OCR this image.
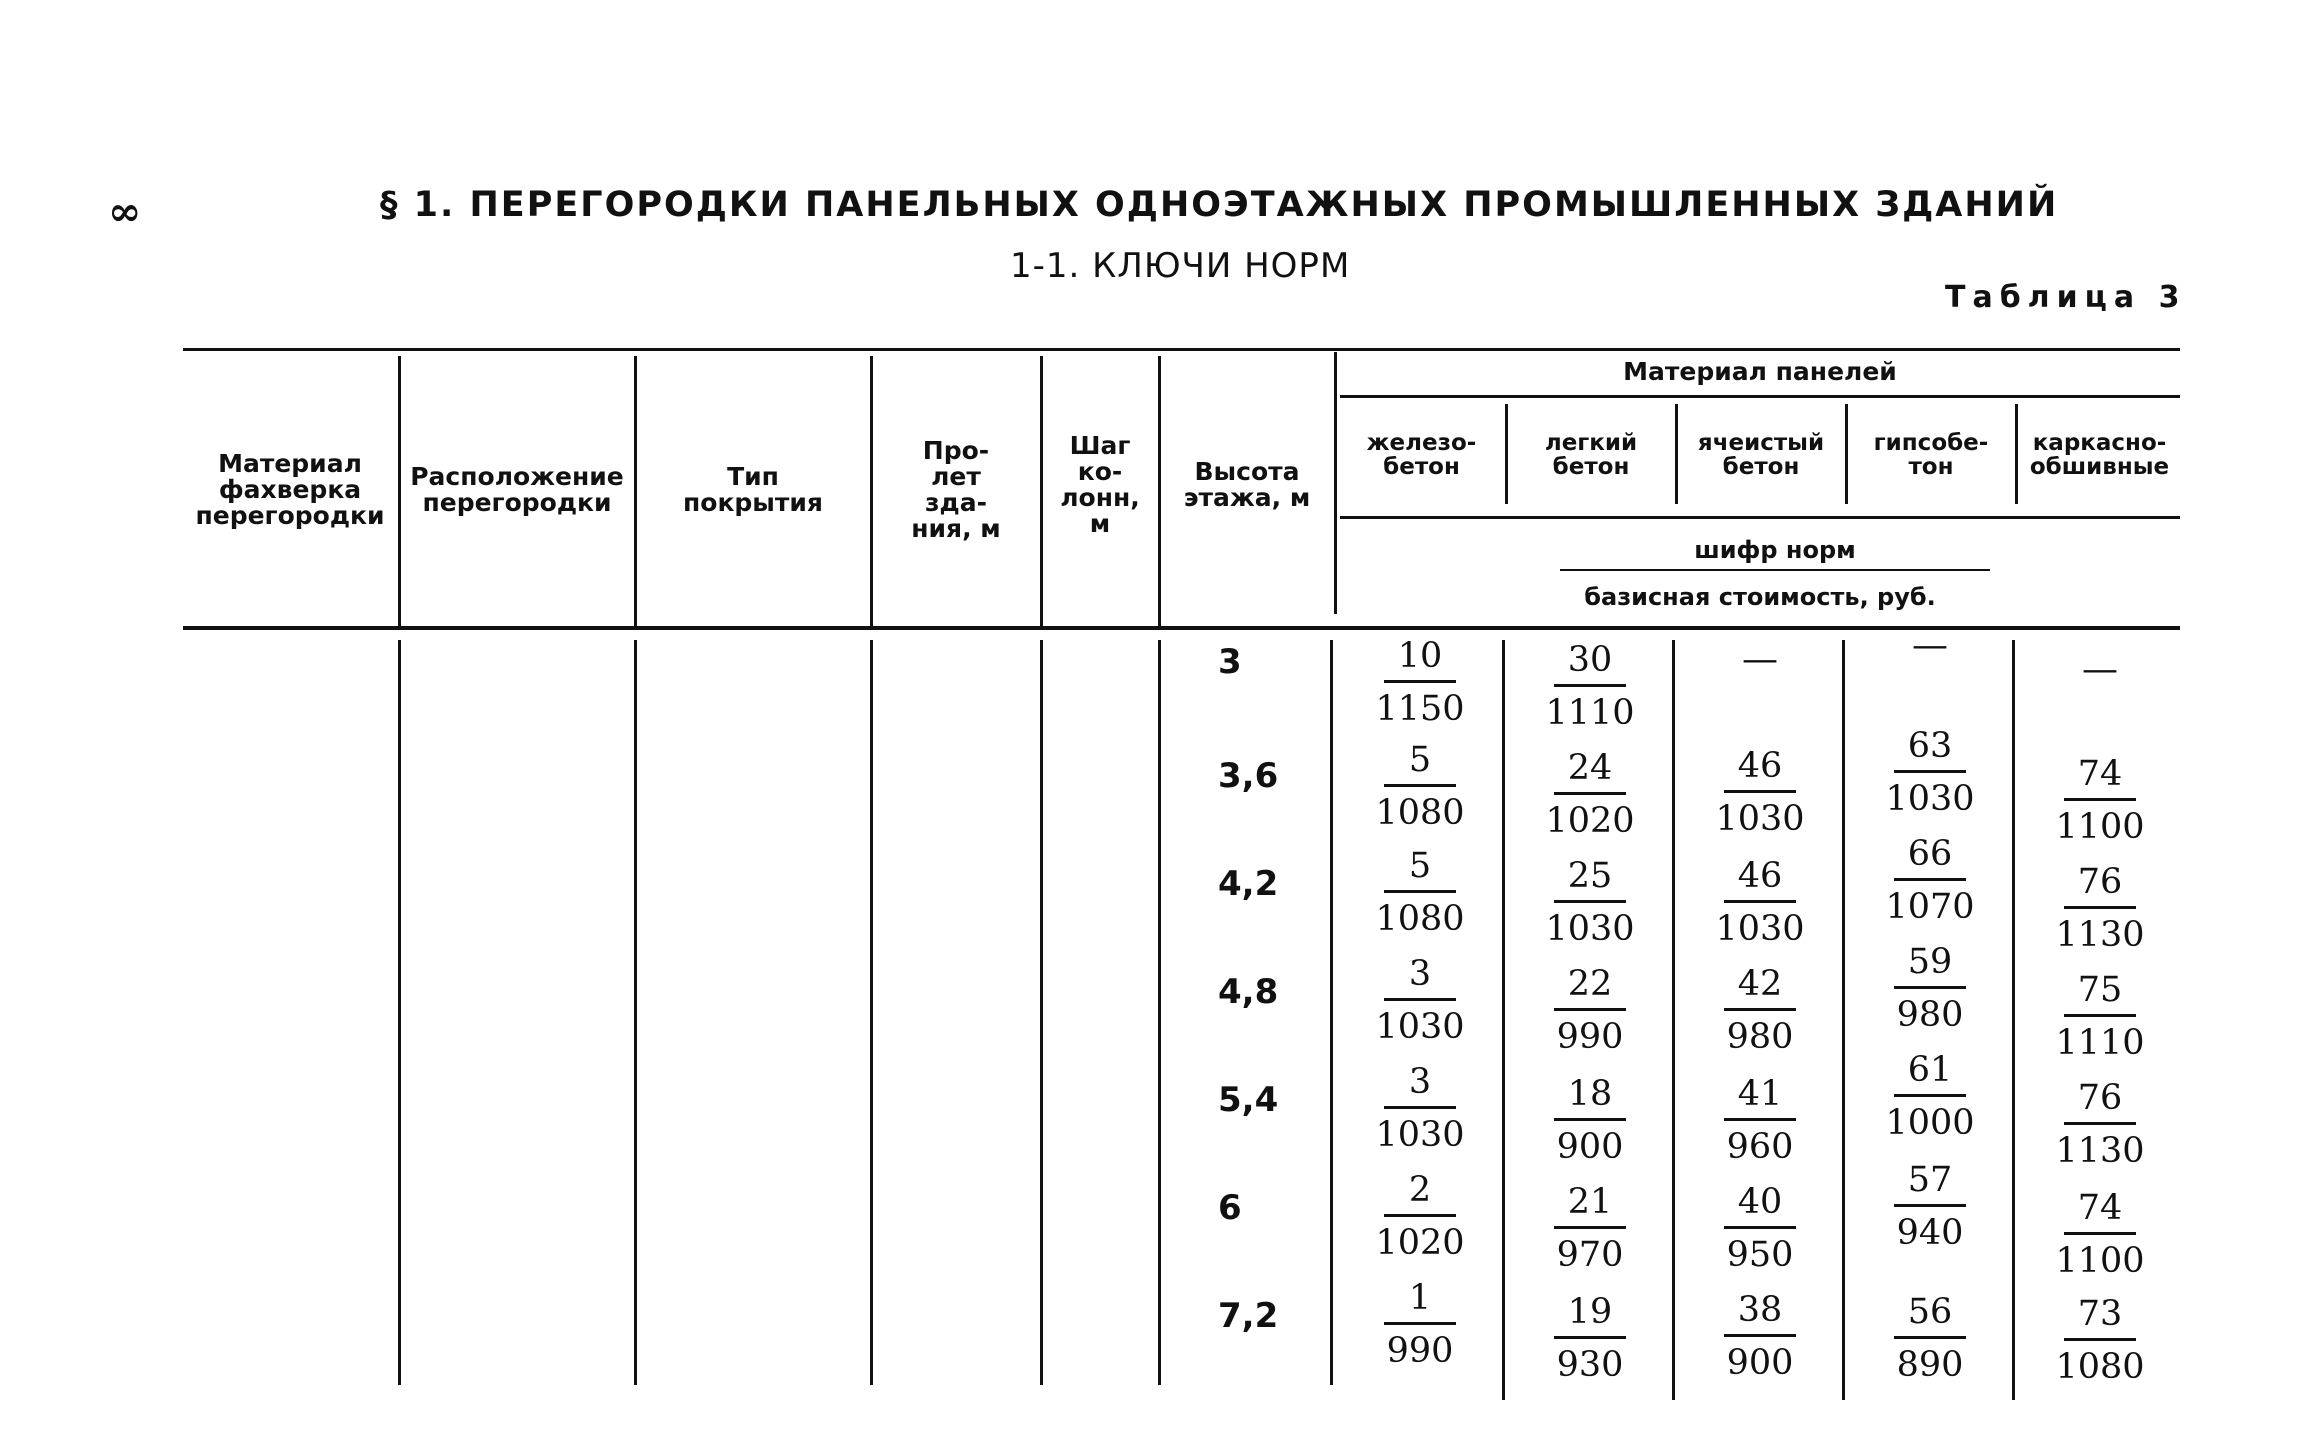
∞	§ 1. ПЕРЕГОРОДКИ ПАНЕЛЬНЫХ ОДНОЭТАЖНЫХ ПРОМЫШЛЕННЫХ ЗДАНИЙ
1-1. КЛЮЧИ НОРМ
Таблица 3
Материал
фахверка
перегородки
Расположение
перегородки
Тип
покрытия
Про-
лет
зда-
ния, м
Шаг
ко-
лонн,
м
Высота
этажа, м
Материал панелей
железо-
бетон
легкий
бетон
ячеистый
бетон
гипсобе-
тон
каркасно-
обшивные
шифр норм
базисная стоимость, руб.
3
3,6
4,2
4,8
5,4
6
7,2
10
1150
30
1110
—	—
—
5
1080
24
1020
46
1030
63
1030
74
1100
5
1080
25
1030
46
1030
66
1070
76
1130
3
1030
22
990
42
980
59
980
75
1110
3
1030
18
900
41
960
61
1000
76
1130
2
1020
21
970
40
950
57
940
74
1100
1
990
19
930
38
900
56
890
73
1080
